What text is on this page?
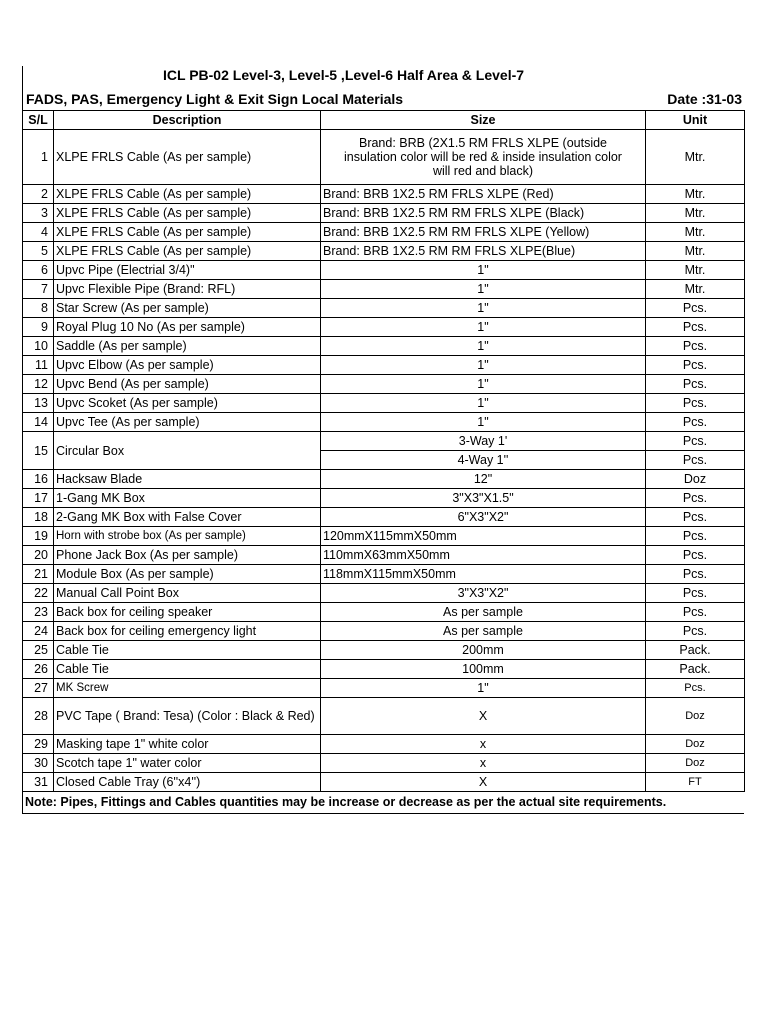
ICL PB-02 Level-3, Level-5 ,Level-6 Half Area & Level-7
FADS, PAS, Emergency Light & Exit Sign Local Materials	Date :31-03
S/L	Description	Size	Unit
1	XLPE FRLS Cable (As per sample)	Brand: BRB (2X1.5 RM FRLS XLPE (outside insulation color will be red & inside insulation color will red and black)	Mtr.
2	XLPE FRLS Cable (As per sample)	Brand: BRB 1X2.5 RM FRLS XLPE (Red)	Mtr.
3	XLPE FRLS Cable (As per sample)	Brand: BRB 1X2.5 RM RM FRLS XLPE (Black)	Mtr.
4	XLPE FRLS Cable (As per sample)	Brand: BRB 1X2.5 RM RM FRLS XLPE (Yellow)	Mtr.
5	XLPE FRLS Cable (As per sample)	Brand: BRB 1X2.5 RM RM FRLS XLPE(Blue)	Mtr.
6	Upvc Pipe (Electrial 3/4)"	1"	Mtr.
7	Upvc Flexible Pipe (Brand: RFL)	1"	Mtr.
8	Star Screw (As per sample)	1"	Pcs.
9	Royal Plug 10 No (As per sample)	1"	Pcs.
10	Saddle (As per sample)	1"	Pcs.
11	Upvc Elbow (As per sample)	1"	Pcs.
12	Upvc Bend (As per sample)	1"	Pcs.
13	Upvc Scoket (As per sample)	1"	Pcs.
14	Upvc Tee (As per sample)	1"	Pcs.
15	Circular Box	3-Way 1'	Pcs.
		4-Way 1''	Pcs.
16	Hacksaw Blade	12"	Doz
17	1-Gang MK Box	3"X3"X1.5"	Pcs.
18	2-Gang MK Box with False Cover	6"X3"X2"	Pcs.
19	Horn with strobe box (As per sample)	120mmX115mmX50mm	Pcs.
20	Phone Jack Box (As per sample)	110mmX63mmX50mm	Pcs.
21	Module Box (As per sample)	118mmX115mmX50mm	Pcs.
22	Manual Call Point Box	3"X3"X2"	Pcs.
23	Back box for ceiling speaker	As per sample	Pcs.
24	Back box for ceiling emergency light	As per sample	Pcs.
25	Cable Tie	200mm	Pack.
26	Cable Tie	100mm	Pack.
27	MK Screw	1"	Pcs.
28	PVC Tape ( Brand: Tesa) (Color : Black & Red)	X	Doz
29	Masking tape 1" white color	x	Doz
30	Scotch tape 1" water color	x	Doz
31	Closed Cable Tray (6''x4'')	X	FT
Note: Pipes, Fittings and Cables quantities may be increase or decrease as per the actual site requirements.
